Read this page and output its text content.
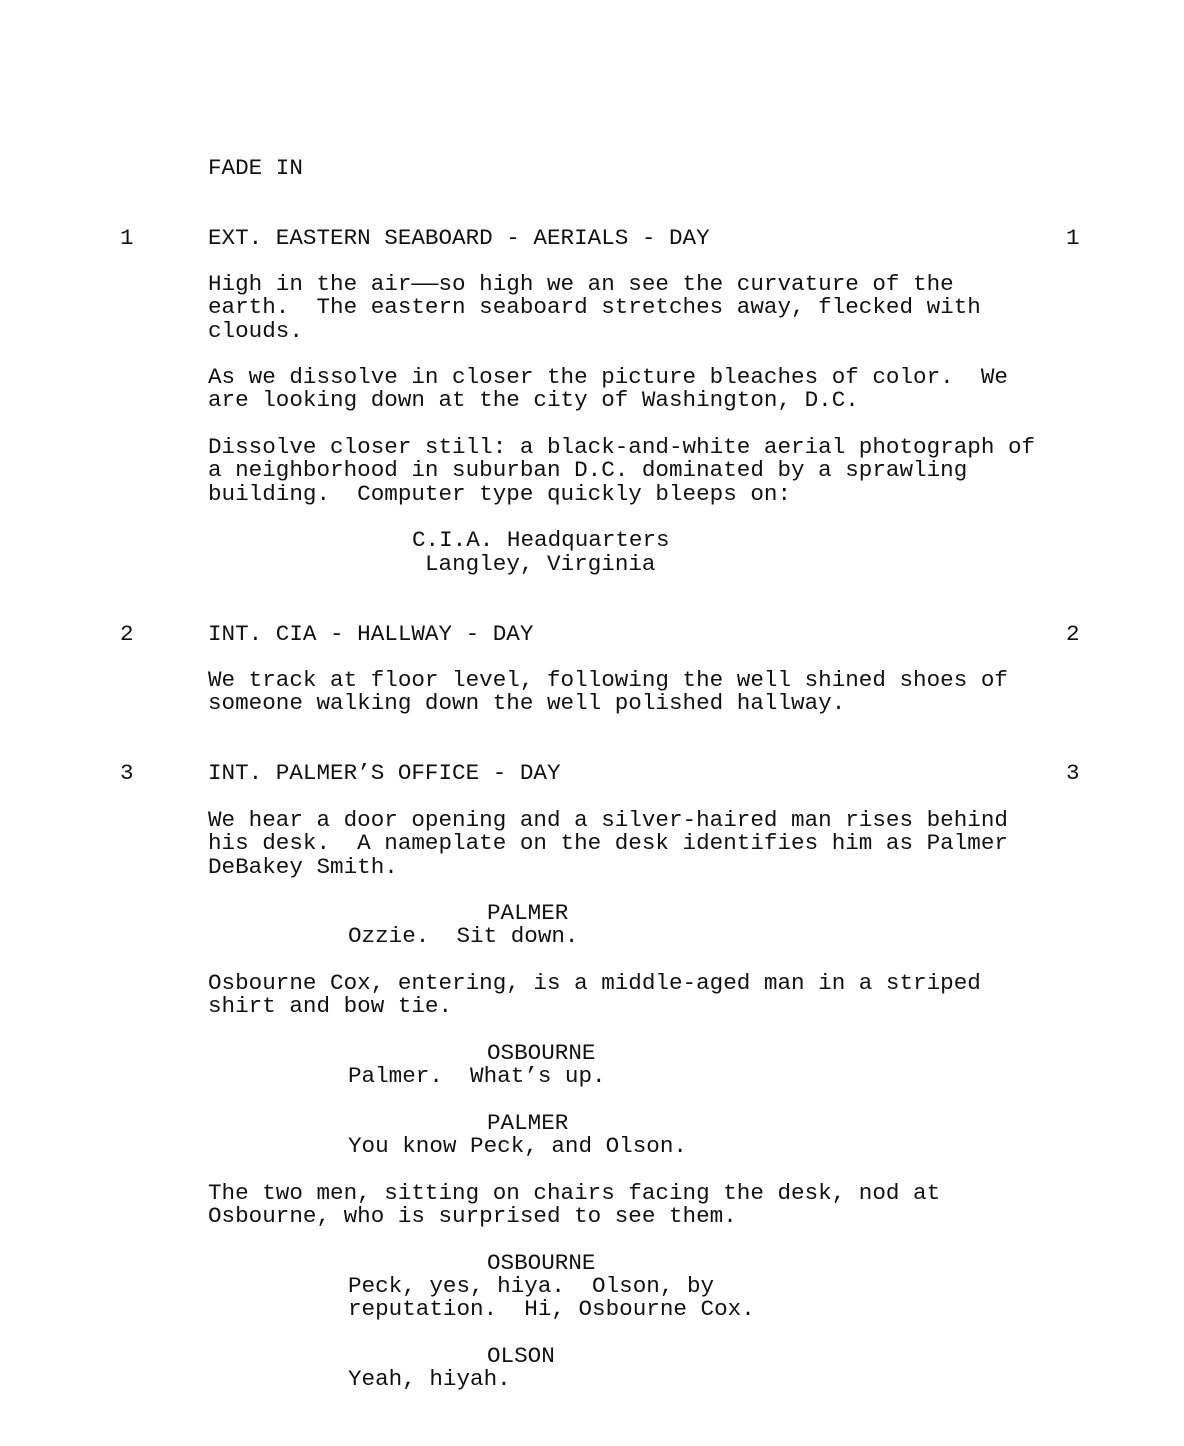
FADE IN
1	EXT. EASTERN SEABOARD - AERIALS - DAY	1
High in the air——so high we an see the curvature of the
earth.  The eastern seaboard stretches away, flecked with
clouds.
As we dissolve in closer the picture bleaches of color.  We
are looking down at the city of Washington, D.C.
Dissolve closer still: a black-and-white aerial photograph of
a neighborhood in suburban D.C. dominated by a sprawling
building.  Computer type quickly bleeps on:
C.I.A. Headquarters
Langley, Virginia
2	INT. CIA - HALLWAY - DAY	2
We track at floor level, following the well shined shoes of
someone walking down the well polished hallway.
3	INT. PALMER’S OFFICE - DAY	3
We hear a door opening and a silver-haired man rises behind
his desk.  A nameplate on the desk identifies him as Palmer
DeBakey Smith.
PALMER
Ozzie.  Sit down.
Osbourne Cox, entering, is a middle-aged man in a striped
shirt and bow tie.
OSBOURNE
Palmer.  What’s up.
PALMER
You know Peck, and Olson.
The two men, sitting on chairs facing the desk, nod at
Osbourne, who is surprised to see them.
OSBOURNE
Peck, yes, hiya.  Olson, by
reputation.  Hi, Osbourne Cox.
OLSON
Yeah, hiyah.
